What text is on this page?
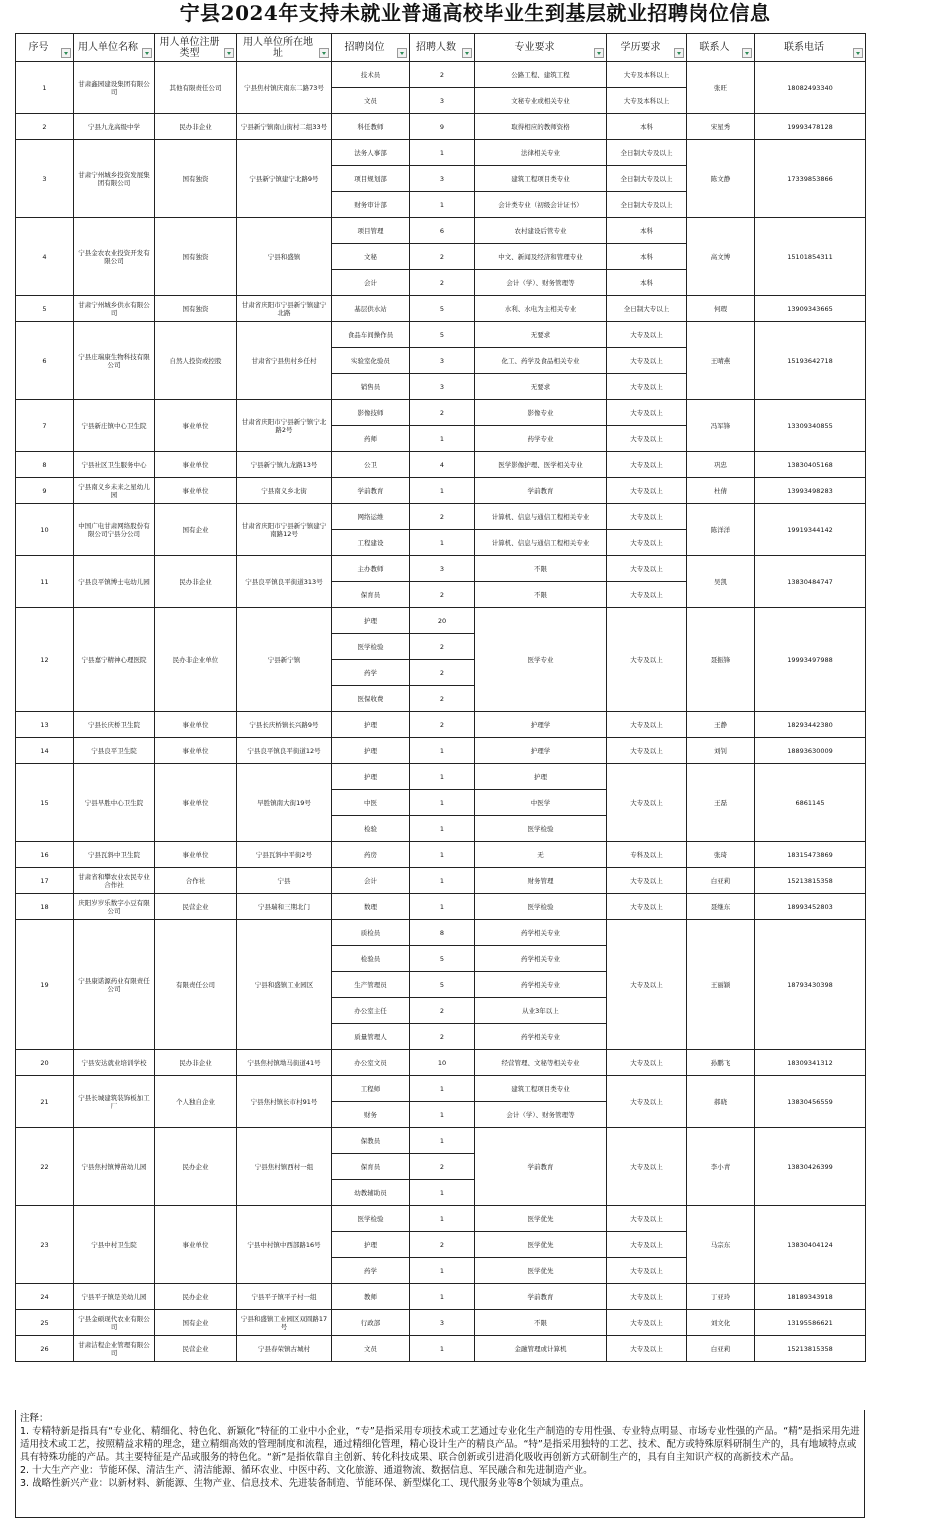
宁县2024年支持未就业普通高校毕业生到基层就业招聘岗位信息
序号	用人单位名称	用人单位注册类型	用人单位所在地址	招聘岗位	招聘人数	专业要求	学历要求	联系人	联系电话

1	甘肃鑫园建设集团有限公司	其他有限责任公司	宁县焦村镇庆南东二路73号	技术员	2	公路工程、建筑工程	大专及本科以上	张旺	18082493340
				文员	3	文秘专业或相关专业	大专及本科以上		
2	宁县九龙高级中学	民办非企业	宁县新宁镇南山街村二组33号	科任教师	9	取得相应的教师资格	本科	宋星秀	19993478128
3	甘肃宁州城乡投资发展集团有限公司	国有独资	宁县新宁镇建宁北路9号	法务人事部	1	法律相关专业	全日制大专及以上	陈文静	17339853866
				项目规划部	3	建筑工程项目类专业	全日制大专及以上		
				财务审计部	1	会计类专业（初级会计证书）	全日制大专及以上		
4	宁县金农农业投资开发有限公司	国有独资	宁县和盛镇	项目管理	6	农村建设后管专业	本科	高文博	15101854311
				文秘	2	中文、新闻及经济和管理专业	本科		
				会计	2	会计（学）、财务管理等	本科		
5	甘肃宁州城乡供水有限公司	国有独资	甘肃省庆阳市宁县新宁镇建宁北路	基层供水站	5	水利、水电为主相关专业	全日制大专以上	何瑕	13909343665
6	宁县庄瑞康生物科技有限公司	自然人投资或控股	甘肃省宁县焦村乡任村	食品车间操作员	5	无要求	大专及以上	王晴燕	15193642718
				实验室化验员	3	化工、药学及食品相关专业	大专及以上		
				销售员	3	无要求	大专及以上		
7	宁县新庄镇中心卫生院	事业单位	甘肃省庆阳市宁县新宁镇宁北路2号	影像技师	2	影像专业	大专及以上	冯军锋	13309340855
				药师	1	药学专业	大专及以上		
8	宁县社区卫生服务中心	事业单位	宁县新宁镇九龙路13号	公卫	4	医学影像护理、医学相关专业	大专及以上	巩忠	13830405168
9	宁县南义乡未来之星幼儿园	事业单位	宁县南义乡北街	学前教育	1	学前教育	大专及以上	杜倩	13993498283
10	中国广电甘肃网络股份有限公司宁县分公司	国有企业	甘肃省庆阳市宁县新宁镇建宁南路12号	网络运维	2	计算机、信息与通信工程相关专业	大专及以上	陈洋洋	19919344142
				工程建设	1	计算机、信息与通信工程相关专业	大专及以上		
11	宁县良平镇博士屯幼儿园	民办非企业	宁县良平镇良平街道313号	主办教师	3	不限	大专及以上	吴凯	13830484747
				保育员	2	不限	大专及以上		
12	宁县嘉宁精神心理医院	民办非企业单位	宁县新宁镇	护理	20	医学专业	大专及以上	聂振锋	19993497988
				医学检验	2				
				药学	2				
				医保收费	2				
13	宁县长庆桥卫生院	事业单位	宁县长庆桥镇长兴路9号	护理	2	护理学	大专及以上	王静	18293442380
14	宁县良平卫生院	事业单位	宁县良平镇良平街道12号	护理	1	护理学	大专及以上	刘钊	18893630009
15	宁县早胜中心卫生院	事业单位	早胜镇南大街19号	护理	1	护理	大专及以上	王磊	6861145
				中医	1	中医学			
				检验	1	医学检验			
16	宁县瓦斜中卫生院	事业单位	宁县瓦斜中平街2号	药房	1	无	专科及以上	张琦	18315473869
17	甘肃省和攀农业农民专业合作社	合作社	宁县	会计	1	财务管理	大专及以上	白亚莉	15213815358
18	庆阳岁岁乐数字小豆有限公司	民营企业	宁县瑞和三期北门	数理	1	医学检验	大专及以上	聂继东	18993452803
19	宁县康诺源药业有限责任公司	有限责任公司	宁县和盛镇工业园区	质检员	8	药学相关专业	大专及以上	王丽颖	18793430398
				检验员	5	药学相关专业			
				生产管理员	5	药学相关专业			
				办公室主任	2	从业3年以上			
				质量管理人	2	药学相关专业			
20	宁县安达就业培训学校	民办非企业	宁县焦村镇坳马街道41号	办公室文员	10	经营管理、文秘等相关专业	大专及以上	孙鹏飞	18309341312
21	宁县长城建筑装饰板加工厂	个人独自企业	宁县焦村镇长市村91号	工程师	1	建筑工程项目类专业	大专及以上	郝晓	13830456559
				财务	1	会计（学）、财务管理等			
22	宁县焦村镇博苗幼儿园	民办企业	宁县焦村镇西村一组	保教员	1	学前教育	大专及以上	李小青	13830426399
				保育员	2				
				幼教辅助员	1				
23	宁县中村卫生院	事业单位	宁县中村镇中西部路16号	医学检验	1	医学优先	大专及以上	马宗东	13830404124
				护理	2	医学优先	大专及以上		
				药学	1	医学优先	大专及以上		
24	宁县平子镇是美幼儿园	民办企业	宁县平子镇平子村一组	教师	1	学前教育	大专及以上	丁亚玲	18189343918
25	宁县金硕现代农业有限公司	国有企业	宁县和盛镇工业园区双圆路17号	行政部	3	不限	大专及以上	刘文化	13195586621
26	甘肃洁程企业管理有限公司	民营企业	宁县春荣镇古城村	文员	1	金融管理或计算机	大专及以上	白亚莉	15213815358
注释：
1. 专精特新是指具有“专业化、精细化、特色化、新颖化”特征的工业中小企业，“专”是指采用专项技术或工艺通过专业化生产制造的专用性强、专业特点明显、市场专业性强的产品。“精”是指采用先进适用技术或工艺，按照精益求精的理念，建立精细高效的管理制度和流程，通过精细化管理，精心设计生产的精良产品。“特”是指采用独特的工艺、技术、配方或特殊原料研制生产的，具有地域特点或具有特殊功能的产品。其主要特征是产品或服务的特色化。“新”是指依靠自主创新、转化科技成果、联合创新或引进消化吸收再创新方式研制生产的，具有自主知识产权的高新技术产品。
2. 十大生产产业：节能环保、清洁生产、清洁能源、循环农业、中医中药、文化旅游、通道物流、数据信息、军民融合和先进制造产业。
3. 战略性新兴产业：以新材料、新能源、生物产业、信息技术、先进装备制造、节能环保、新型煤化工、现代服务业等8个领域为重点。
